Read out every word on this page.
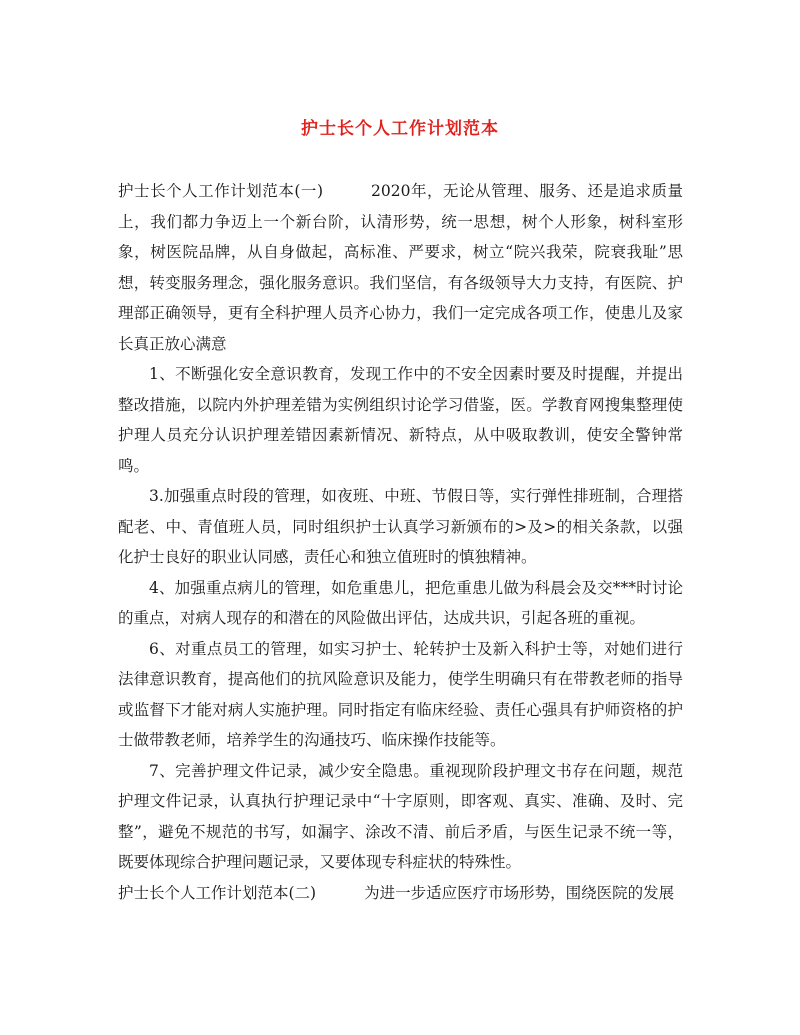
护士长个人工作计划范本

护士长个人工作计划范本(一)	2020年，无论从管理、服务、还是追求质量上，我们都力争迈上一个新台阶，认清形势，统一思想，树个人形象，树科室形象，树医院品牌，从自身做起，高标准、严要求，树立“院兴我荣，院衰我耻”思想，转变服务理念，强化服务意识。我们坚信，有各级领导大力支持，有医院、护理部正确领导，更有全科护理人员齐心协力，我们一定完成各项工作，使患儿及家长真正放心满意

1、不断强化安全意识教育，发现工作中的不安全因素时要及时提醒，并提出整改措施，以院内外护理差错为实例组织讨论学习借鉴，医。学教育网搜集整理使护理人员充分认识护理差错因素新情况、新特点，从中吸取教训，使安全警钟常鸣。

3.加强重点时段的管理，如夜班、中班、节假日等，实行弹性排班制，合理搭配老、中、青值班人员，同时组织护士认真学习新颁布的>及>的相关条款，以强化护士良好的职业认同感，责任心和独立值班时的慎独精神。

4、加强重点病儿的管理，如危重患儿，把危重患儿做为科晨会及交***时讨论的重点，对病人现存的和潜在的风险做出评估，达成共识，引起各班的重视。

6、对重点员工的管理，如实习护士、轮转护士及新入科护士等，对她们进行法律意识教育，提高他们的抗风险意识及能力，使学生明确只有在带教老师的指导或监督下才能对病人实施护理。同时指定有临床经验、责任心强具有护师资格的护士做带教老师，培养学生的沟通技巧、临床操作技能等。

7、完善护理文件记录，减少安全隐患。重视现阶段护理文书存在问题，规范护理文件记录，认真执行护理记录中“十字原则，即客观、真实、准确、及时、完整”，避免不规范的书写，如漏字、涂改不清、前后矛盾，与医生记录不统一等，既要体现综合护理问题记录，又要体现专科症状的特殊性。

护士长个人工作计划范本(二)	为进一步适应医疗市场形势，围绕医院的发展
